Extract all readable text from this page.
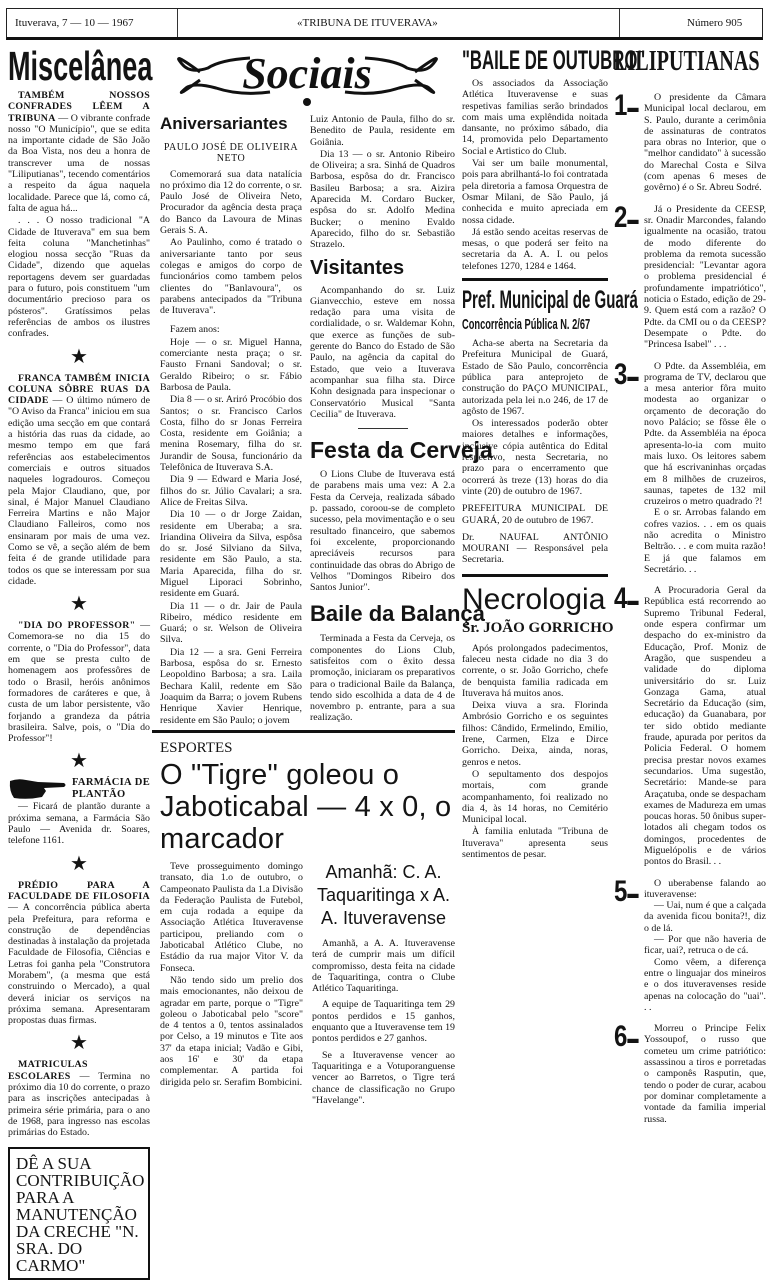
Ituverava, 7 — 10 — 1967	«TRIBUNA DE ITUVERAVA»	Número 905
Miscelânea

TAMBÉM NOSSOS CONFRADES LÊEM A TRIBUNA — O vibrante confrade nosso "O Município", que se edita na importante cidade de São João da Boa Vista, nos deu a honra de transcrever uma de nossas "Liliputianas", tecendo comentários a respeito da água naquela localidade. Parece que lá, como cá, falta de agua há...

. . . O nosso tradicional "A Cidade de Ituverava" em sua bem feita coluna "Manchetinhas" elogiou nossa secção "Ruas da Cidade", dizendo que aquelas reportagens devem ser guardadas para o futuro, pois constituem "um documentário precioso para os pósteros". Gratíssimos pelas referências de ambos os ilustres confrades.

★

FRANCA TAMBÉM INICIA COLUNA SÔBRE RUAS DA CIDADE — O último número de "O Aviso da Franca" iniciou em sua edição uma secção em que contará a história das ruas da cidade, ao mesmo tempo em que fará referências aos estabelecimentos comerciais e outros situados naqueles logradouros. Começou pela Major Claudiano, que, por sinal, é Major Manuel Claudiano Ferreira Martins e não Major Claudiano Falleiros, como nos ensinaram por mais de uma vez. Como se vê, a seção além de bem feita é de grande utilidade para todos os que se interessam por sua cidade.

★

"DIA DO PROFESSOR" — Comemora-se no dia 15 do corrente, o "Dia do Professor", data em que se presta culto de homenagem aos professôres de todo o Brasil, heróis anônimos formadores de caráteres e que, à custa de um labor persistente, vão forjando a grandeza da pátria brasileira. Salve, pois, o "Dia do Professor"!

★
FARMÁCIA DE PLANTÃO

— Ficará de plantão durante a próxima semana, a Farmácia São Paulo — Avenida dr. Soares, telefone 1161.

★

PRÉDIO PARA A FACULDADE DE FILOSOFIA — A concorrência pública aberta pela Prefeitura, para reforma e construção de dependências destinadas à instalação da projetada Faculdade de Filosofia, Ciências e Letras foi ganha pela "Construtora Morabem", (a mesma que está construindo o Mercado), a qual deverá iniciar os serviços na próxima semana. Apresentaram propostas duas firmas.

★

MATRICULAS ESCOLARES — Termina no próximo dia 10 do corrente, o prazo para as inscrições antecipadas à primeira série primária, para o ano de 1968, para ingresso nas escolas primárias do Estado.

DÊ A SUA CONTRIBUIÇÃO PARA A MANUTENÇÃO DA CRECHE "N. SRA. DO CARMO"
Sociais
Aniversariantes
PAULO JOSÉ DE OLIVEIRA NETO

Comemorará sua data natalícia no próximo dia 12 do corrente, o sr. Paulo José de Oliveira Neto, Procurador da agência desta praça do Banco da Lavoura de Minas Gerais S. A.

Ao Paulinho, como é tratado o aniversariante tanto por seus colegas e amigos do corpo de funcionários como tambem pelos clientes do "Banlavoura", os parabens antecipados da "Tribuna de Ituverava".

Fazem anos:

Hoje — o sr. Miguel Hanna, comerciante nesta praça; o sr. Fausto Frnani Sandoval; o sr. Geraldo Ribeiro; o sr. Fábio Barbosa de Paula.

Dia 8 — o sr. Ariró Procóbio dos Santos; o sr. Francisco Carlos Costa, filho do sr Jonas Ferreira Costa, residente em Goiânia; a menina Rosemary, filha do sr. Jurandir de Sousa, funcionário da Telefônica de Ituverava S.A.

Dia 9 — Edward e Maria José, filhos do sr. Júlio Cavalari; a sra. Alice de Freitas Silva.

Dia 10 — o dr Jorge Zaidan, residente em Uberaba; a sra. Iriandina Oliveira da Silva, espôsa do sr. José Silviano da Silva, residente em São Paulo, a sta. Maria Aparecida, filha do sr. Miguel Liporaci Sobrinho, residente em Guará.

Dia 11 — o dr. Jair de Paula Ribeiro, médico residente em Guará; o sr. Welson de Oliveira Silva.

Dia 12 — a sra. Geni Ferreira Barbosa, espôsa do sr. Ernesto Leopoldino Barbosa; a sra. Laila Bechara Kalil, redente em São Joaquim da Barra; o jovem Rubens Henrique Xavier Henrique, residente em São Paulo; o jovem

Luiz Antonio de Paula, filho do sr. Benedito de Paula, residente em Goiânia.

Dia 13 — o sr. Antonio Ribeiro de Oliveira; a sra. Sinhá de Quadros Barbosa, espôsa do dr. Francisco Basileu Barbosa; a sra. Aizira Aparecida M. Cordaro Bucker, espôsa do sr. Adolfo Medina Bucker; o menino Evaldo Aparecido, filho do sr. Sebastião Strazelo.

Visitantes

Acompanhando do sr. Luiz Gianvecchio, esteve em nossa redação para uma visita de cordialidade, o sr. Waldemar Kohn, que exerce as funções de sub-gerente do Banco do Estado de São Paulo, na agência da capital do Estado, que veio a Ituverava acompanhar sua filha sta. Dirce Kohn designada para inspecionar o Conservatório Musical "Santa Cecilia" de Ituverava.

Festa da Cerveja

O Lions Clube de Ituverava está de parabens mais uma vez: A 2.a Festa da Cerveja, realizada sábado p. passado, coroou-se de completo sucesso, pela movimentação e o seu resultado financeiro, que sabemos foi excelente, proporcionando apreciáveis recursos para continuidade das obras do Abrigo de Velhos "Domingos Ribeiro dos Santos Junior".

Baile da Balança

Terminada a Festa da Cerveja, os componentes do Lions Club, satisfeitos com o êxito dessa promoção, iniciaram os preparativos para o tradicional Baile da Balança, tendo sido escolhida a data de 4 de novembro p. entrante, para a sua realização.

ESPORTES
O "Tigre" goleou o Jaboticabal — 4 x 0, o marcador

Teve prosseguimento domingo transato, dia 1.o de outubro, o Campeonato Paulista da 1.a Divisão da Federação Paulista de Futebol, em cuja rodada a equipe da Associação Atlética Ituveravense participou, preliando com o Jaboticabal Atlético Clube, no Estádio da rua major Vitor V. da Fonseca.

Não tendo sido um prelio dos mais emocionantes, não deixou de agradar em parte, porque o "Tigre" goleou o Jaboticabal pelo "score" de 4 tentos a 0, tentos assinalados por Celso, a 19 minutos e Tite aos 37' da etapa inicial; Vadão e Gibi, aos 16' e 30' da etapa complementar. A partida foi dirigida pelo sr. Serafim Bombicini.

Amanhã: C. A. Taquaritinga x A. A. Ituveravense

Amanhã, a A. A. Ituveravense terá de cumprir mais um difícil compromisso, desta feita na cidade de Taquaritinga, contra o Clube Atlético Taquaritinga.

A equipe de Taquaritinga tem 29 pontos perdidos e 15 ganhos, enquanto que a Ituveravense tem 19 pontos perdidos e 27 ganhos.

Se a Ituveravense vencer ao Taquaritinga e a Votuporanguense vencer ao Barretos, o Tigre terá chance de classificação no Grupo "Havelange".

"BAILE DE OUTUBRO"

Os associados da Associação Atlética Ituveravense e suas respetivas familias serão brindados com mais uma explêndida noitada dansante, no próximo sábado, dia 14, promovida pelo Departamento Social e Artistico do Club.

Vai ser um baile monumental, pois para abrilhantá-lo foi contratada pela diretoria a famosa Orquestra de Osmar Milani, de São Paulo, já conhecida e muito apreciada em nossa cidade.

Já estão sendo aceitas reservas de mesas, o que poderá ser feito na secretaria da A. A. I. ou pelos telefones 1270, 1284 e 1464.

Pref. Municipal de Guará
Concorrência Pública N. 2/67

Acha-se aberta na Secretaria da Prefeitura Municipal de Guará, Estado de São Paulo, concorrência pública para anteprojeto de construção do PAÇO MUNICIPAL, autorizada pela lei n.o 246, de 17 de agôsto de 1967.

Os interessados poderão obter maiores detalhes e informações, inclusive cópia autêntica do Edital respectivo, nesta Secretaria, no prazo para o encerramento que ocorrerá às treze (13) horas do dia vinte (20) de outubro de 1967.

PREFEITURA MUNICIPAL DE GUARÁ, 20 de outubro de 1967.

Dr. NAUFAL ANTÔNIO MOURANI — Responsável pela Secretaria.

Necrologia
Sr. JOÃO GORRICHO

Após prolongados padecimentos, faleceu nesta cidade no dia 3 do corrente, o sr. João Gorricho, chefe de benquista familia radicada em Ituverava há muitos anos.

Deixa viuva a sra. Florinda Ambrósio Gorricho e os seguintes filhos: Cândido, Ermelindo, Emilio, Irene, Carmen, Elza e Dirce Gorricho. Deixa, ainda, noras, genros e netos.

O sepultamento dos despojos mortais, com grande acompanhamento, foi realizado no dia 4, às 14 horas, no Cemitério Municipal local.

À familia enlutada "Tribuna de Ituverava" apresenta seus sentimentos de pesar.

LILIPUTIANAS
1▬

O presidente da Câmara Municipal local declarou, em S. Paulo, durante a cerimônia de assinaturas de contratos para obras no Interior, que o "melhor candidato" à sucessão do Marechal Costa e Silva (com apenas 6 meses de govêrno) é o Sr. Abreu Sodré.

2▬

Já o Presidente da CEESP, sr. Onadir Marcondes, falando igualmente na ocasião, tratou de modo diferente do problema da remota sucessão presidencial: "Levantar agora o problema presidencial é profundamente impatriótico", noticia o Estado, edição de 29-9. Quem está com a razão? O Pdte. da CMI ou o da CEESP? Desempate o Pdte. do "Princesa Isabel" . . .

3▬

O Pdte. da Assembléia, em programa de TV, declarou que a mesa anterior fôra muito modesta ao organizar o orçamento de decoração do novo Palácio; se fôsse êle o Pdte. da Assembléia na época apresenta-lo-ia com muito mais luxo. Os leitores sabem que há escrivaninhas orçadas em 8 milhões de cruzeiros, saunas, tapetes de 132 mil cruzeiros o metro quadrado ?!

E o sr. Arrobas falando em cofres vazios. . . em os quais não acredita o Ministro Beltrão. . . e com muita razão! E já que falamos em Secretário. . .

4▬

A Procuradoria Geral da República está recorrendo ao Supremo Tribunal Federal, onde espera confirmar um despacho do ex-ministro da Educação, Prof. Moniz de Aragão, que suspendeu a validade do diploma universitário do sr. Luiz Gonzaga Gama, atual Secretário da Educação (sim, educação) da Guanabara, por ter sido obtido mediante fraude, apurada por peritos da Policia Federal. O homem precisa prestar novos exames secundarios. Uma sugestão, Secretário: Mande-se para Araçatuba, onde se despacham exames de Madureza em umas poucas horas. 50 ônibus super-lotados ali chegam todos os domingos, procedentes de Miguelópolis e de vários pontos do Brasil. . .

5▬

O uberabense falando ao ituveravense:

— Uai, num é que a calçada da avenida ficou bonita?!, diz o de lá.

— Por que não haveria de ficar, uai?, retruca o de cá.

Como vêem, a diferença entre o linguajar dos mineiros e o dos ituveravenses reside apenas na colocação do "uai". . .

6▬

Morreu o Principe Felix Yossoupof, o russo que cometeu um crime patriótico: assassinou a tiros e porretadas o camponês Rasputin, que, tendo o poder de curar, acabou por dominar completamente a vontade da familia imperial russa.
